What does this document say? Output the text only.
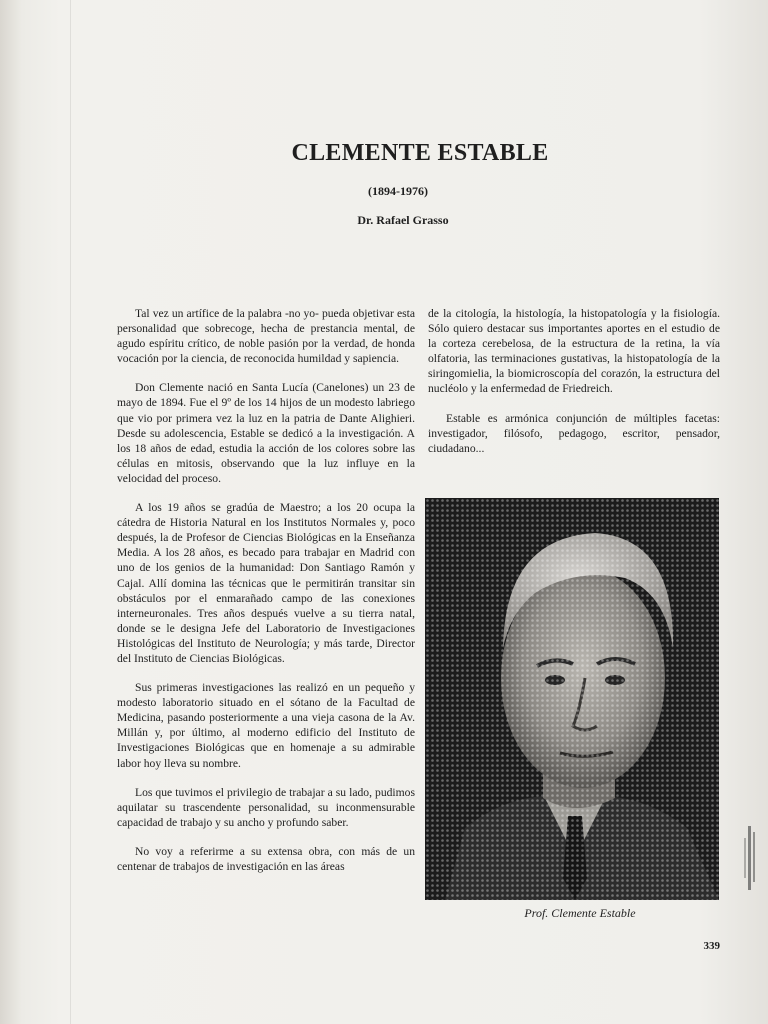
CLEMENTE ESTABLE
(1894-1976)
Dr. Rafael Grasso

Tal vez un artífice de la palabra -no yo- pueda objetivar esta personalidad que sobrecoge, hecha de prestancia mental, de agudo espíritu crítico, de noble pasión por la verdad, de honda vocación por la ciencia, de reconocida humildad y sapiencia.

Don Clemente nació en Santa Lucía (Canelones) un 23 de mayo de 1894. Fue el 9º de los 14 hijos de un modesto labriego que vio por primera vez la luz en la patria de Dante Alighieri. Desde su adolescencia, Estable se dedicó a la investigación. A los 18 años de edad, estudia la acción de los colores sobre las células en mitosis, observando que la luz influye en la velocidad del proceso.

A los 19 años se gradúa de Maestro; a los 20 ocupa la cátedra de Historia Natural en los Institutos Normales y, poco después, la de Profesor de Ciencias Biológicas en la Enseñanza Media. A los 28 años, es becado para trabajar en Madrid con uno de los genios de la humanidad: Don Santiago Ramón y Cajal. Allí domina las técnicas que le permitirán transitar sin obstáculos por el enmarañado campo de las conexiones interneuronales. Tres años después vuelve a su tierra natal, donde se le designa Jefe del Laboratorio de Investigaciones Histológicas del Instituto de Neurología; y más tarde, Director del Instituto de Ciencias Biológicas.

Sus primeras investigaciones las realizó en un pequeño y modesto laboratorio situado en el sótano de la Facultad de Medicina, pasando posteriormente a una vieja casona de la Av. Millán y, por último, al moderno edificio del Instituto de Investigaciones Biológicas que en homenaje a su admirable labor hoy lleva su nombre.

Los que tuvimos el privilegio de trabajar a su lado, pudimos aquilatar su trascendente personalidad, su inconmensurable capacidad de trabajo y su ancho y profundo saber.

No voy a referirme a su extensa obra, con más de un centenar de trabajos de investigación en las áreas

de la citología, la histología, la histopatología y la fisiología. Sólo quiero destacar sus importantes aportes en el estudio de la corteza cerebelosa, de la estructura de la retina, la vía olfatoria, las terminaciones gustativas, la histopatología de la siringomielia, la biomicroscopía del corazón, la estructura del nucléolo y la enfermedad de Friedreich.

Estable es armónica conjunción de múltiples facetas: investigador, filósofo, pedagogo, escritor, pensador, ciudadano...

Prof. Clemente Estable
339
